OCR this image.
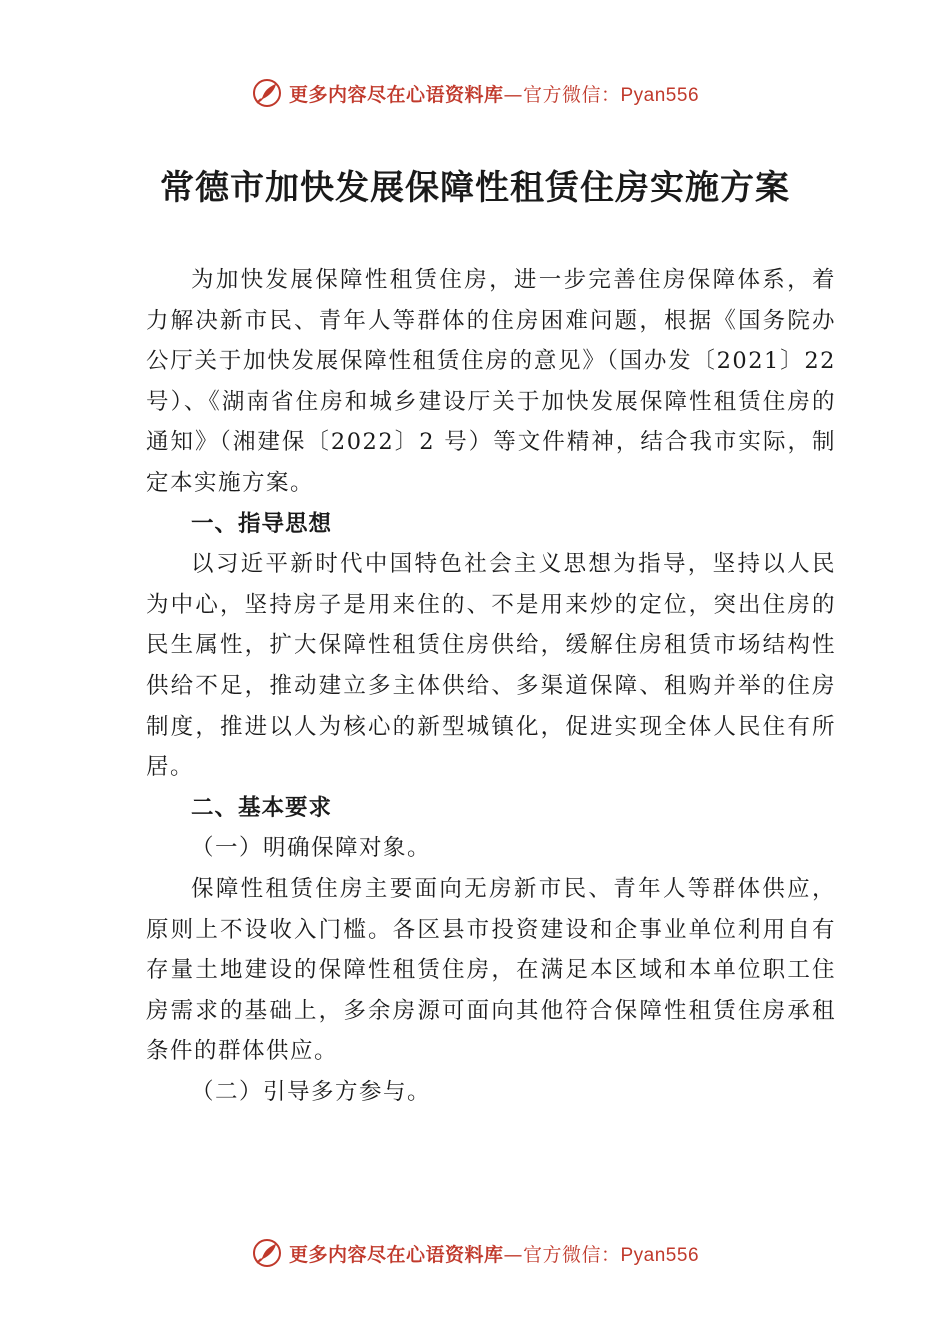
更多内容尽在心语资料库—官方微信：Pyan556
常德市加快发展保障性租赁住房实施方案

为加快发展保障性租赁住房，进一步完善住房保障体系，着力解决新市民、青年人等群体的住房困难问题，根据《国务院办公厅关于加快发展保障性租赁住房的意见》（国办发〔2021〕22 号）、《湖南省住房和城乡建设厅关于加快发展保障性租赁住房的通知》（湘建保〔2022〕2 号）等文件精神，结合我市实际，制定本实施方案。

一、指导思想

以习近平新时代中国特色社会主义思想为指导，坚持以人民为中心，坚持房子是用来住的、不是用来炒的定位，突出住房的民生属性，扩大保障性租赁住房供给，缓解住房租赁市场结构性供给不足，推动建立多主体供给、多渠道保障、租购并举的住房制度，推进以人为核心的新型城镇化，促进实现全体人民住有所居。

二、基本要求

（一）明确保障对象。

保障性租赁住房主要面向无房新市民、青年人等群体供应，原则上不设收入门槛。各区县市投资建设和企事业单位利用自有存量土地建设的保障性租赁住房，在满足本区域和本单位职工住房需求的基础上，多余房源可面向其他符合保障性租赁住房承租条件的群体供应。

（二）引导多方参与。

更多内容尽在心语资料库—官方微信：Pyan556
